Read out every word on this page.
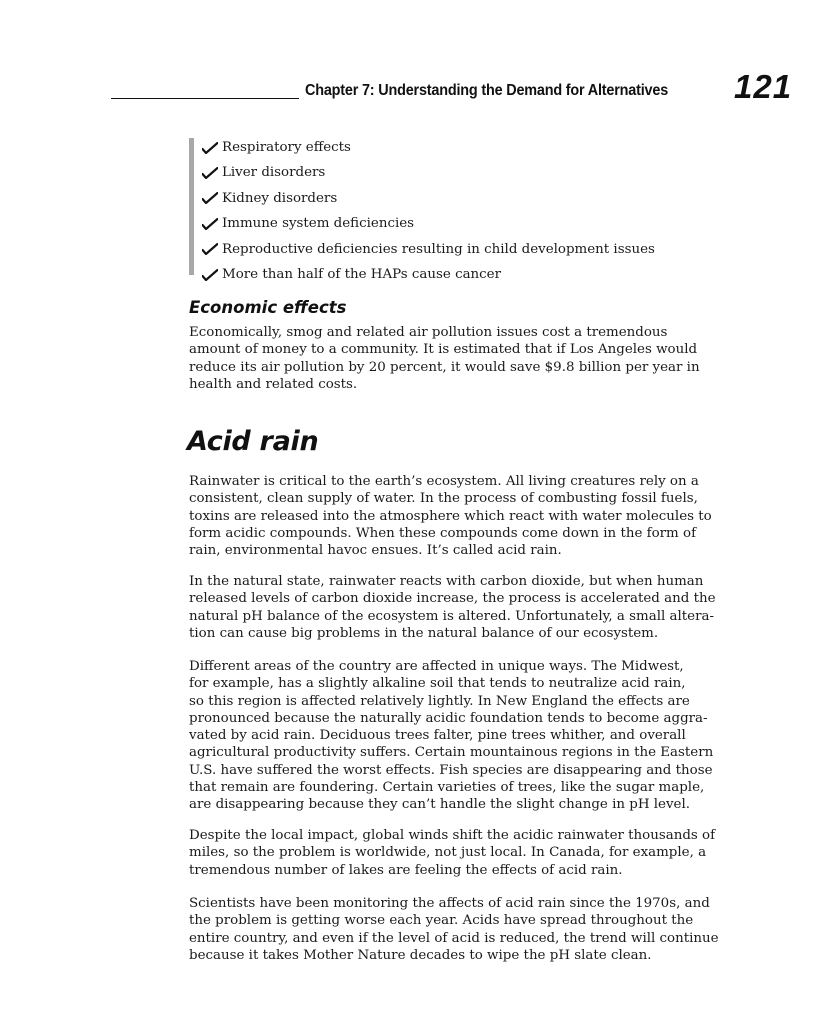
Chapter 7: Understanding the Demand for Alternatives 121
Respiratory effects
Liver disorders
Kidney disorders
Immune system deficiencies
Reproductive deficiencies resulting in child development issues
More than half of the HAPs cause cancer
Economic effects

Economically, smog and related air pollution issues cost a tremendous
amount of money to a community. It is estimated that if Los Angeles would
reduce its air pollution by 20 percent, it would save $9.8 billion per year in
health and related costs.

Acid rain

Rainwater is critical to the earth’s ecosystem. All living creatures rely on a
consistent, clean supply of water. In the process of combusting fossil fuels,
toxins are released into the atmosphere which react with water molecules to
form acidic compounds. When these compounds come down in the form of
rain, environmental havoc ensues. It’s called acid rain.

In the natural state, rainwater reacts with carbon dioxide, but when human
released levels of carbon dioxide increase, the process is accelerated and the
natural pH balance of the ecosystem is altered. Unfortunately, a small altera-
tion can cause big problems in the natural balance of our ecosystem.

Different areas of the country are affected in unique ways. The Midwest,
for example, has a slightly alkaline soil that tends to neutralize acid rain,
so this region is affected relatively lightly. In New England the effects are
pronounced because the naturally acidic foundation tends to become aggra-
vated by acid rain. Deciduous trees falter, pine trees whither, and overall
agricultural productivity suffers. Certain mountainous regions in the Eastern
U.S. have suffered the worst effects. Fish species are disappearing and those
that remain are foundering. Certain varieties of trees, like the sugar maple,
are disappearing because they can’t handle the slight change in pH level.

Despite the local impact, global winds shift the acidic rainwater thousands of
miles, so the problem is worldwide, not just local. In Canada, for example, a
tremendous number of lakes are feeling the effects of acid rain.

Scientists have been monitoring the affects of acid rain since the 1970s, and
the problem is getting worse each year. Acids have spread throughout the
entire country, and even if the level of acid is reduced, the trend will continue
because it takes Mother Nature decades to wipe the pH slate clean.
